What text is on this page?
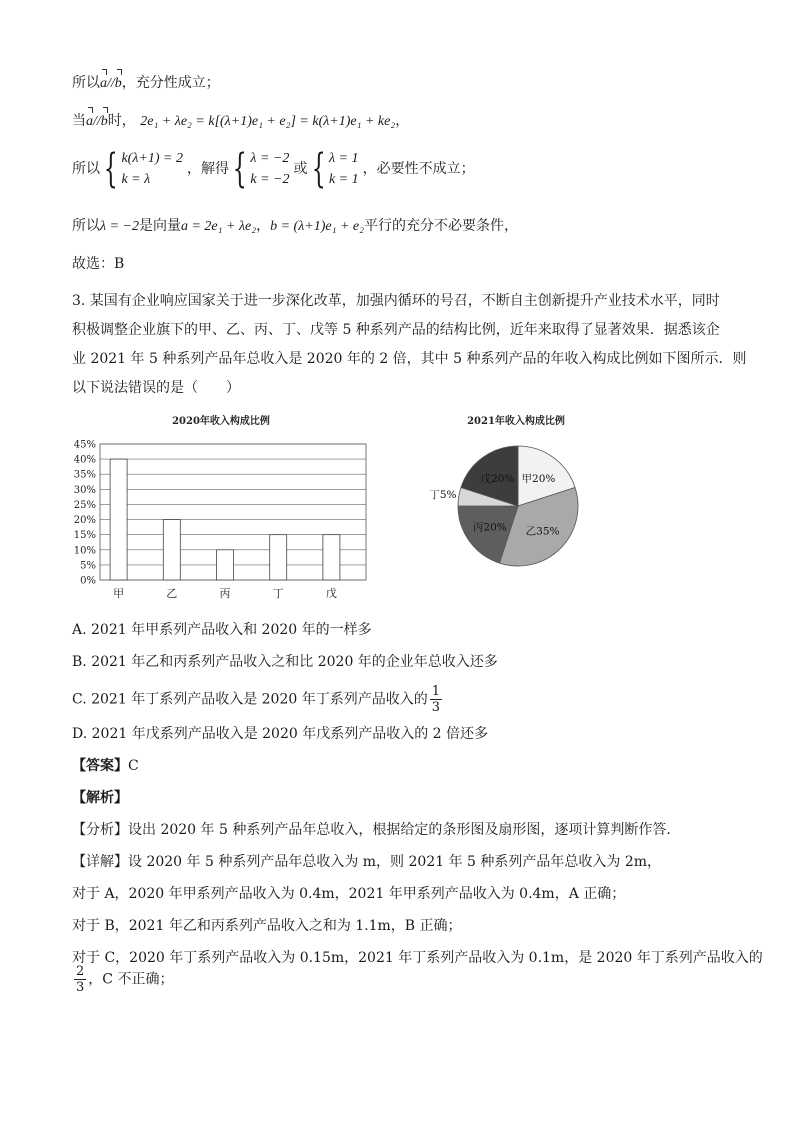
所以a//b，充分性成立；
当a//b时， 2e₁ + λe₂ = k[(λ+1)e₁ + e₂] = k(λ+1)e₁ + ke₂，
所以{ k(λ+1) = 2
k = λ
，解得{ λ = −2
k = −2
或{ λ = 1
k = 1
，必要性不成立；
所以λ = −2是向量a = 2e₁ + λe₂，b = (λ+1)e₁ + e₂平行的充分不必要条件，
故选：B
3. 某国有企业响应国家关于进一步深化改革，加强内循环的号召，不断自主创新提升产业技术水平，同时
积极调整企业旗下的甲、乙、丙、丁、戊等 5 种系列产品的结构比例，近年来取得了显著效果．据悉该企
业 2021 年 5 种系列产品年总收入是 2020 年的 2 倍，其中 5 种系列产品的年收入构成比例如下图所示．则
以下说法错误的是（　　）
2020年收入构成比例
0%
5%
10%
15%
20%
25%
30%
35%
40%
45%
甲	乙	丙	丁	戊
2021年收入构成比例
甲20%
乙35%
丙20%
丁5%
戊20%
A. 2021 年甲系列产品收入和 2020 年的一样多
B. 2021 年乙和丙系列产品收入之和比 2020 年的企业年总收入还多
C. 2021 年丁系列产品收入是 2020 年丁系列产品收入的 $\frac{1}{3}$
D. 2021 年戊系列产品收入是 2020 年戊系列产品收入的 2 倍还多
【答案】C
【解析】
【分析】设出 2020 年 5 种系列产品年总收入，根据给定的条形图及扇形图，逐项计算判断作答.
【详解】设 2020 年 5 种系列产品年总收入为 m，则 2021 年 5 种系列产品年总收入为 2m，
对于 A，2020 年甲系列产品收入为 0.4m，2021 年甲系列产品收入为 0.4m，A 正确；
对于 B，2021 年乙和丙系列产品收入之和为 1.1m，B 正确；
对于 C，2020 年丁系列产品收入为 0.15m，2021 年丁系列产品收入为 0.1m，是 2020 年丁系列产品收入的
$\frac{2}{3}$ ，C 不正确；
